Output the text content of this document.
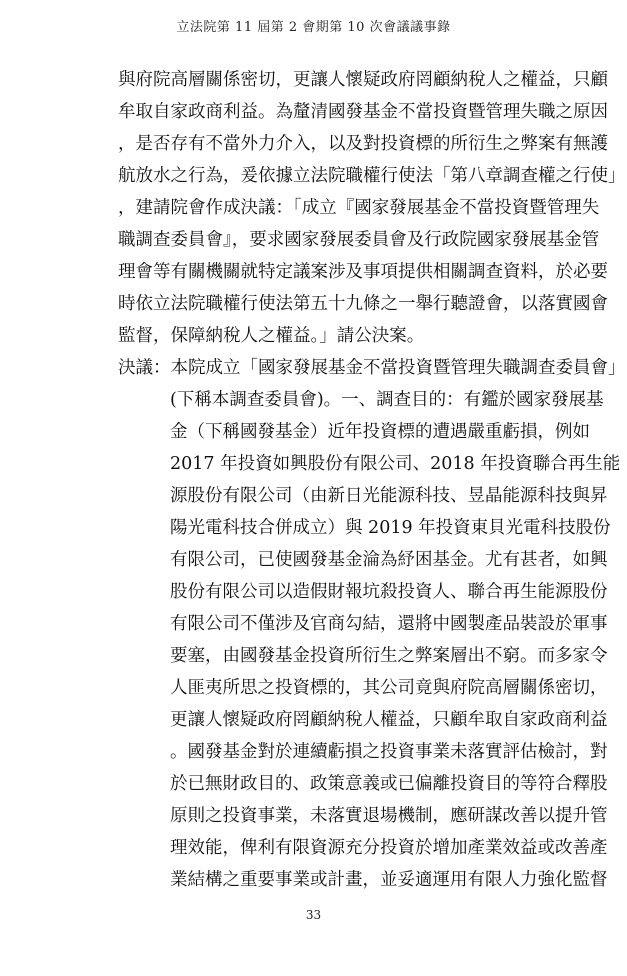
立法院第 11 屆第 2 會期第 10 次會議議事錄
與府院高層關係密切，更讓人懷疑政府罔顧納稅人之權益，只顧
牟取自家政商利益。為釐清國發基金不當投資暨管理失職之原因
，是否存有不當外力介入，以及對投資標的所衍生之弊案有無護
航放水之行為，爰依據立法院職權行使法「第八章調查權之行使」
，建請院會作成決議：「成立『國家發展基金不當投資暨管理失
職調查委員會』，要求國家發展委員會及行政院國家發展基金管
理會等有關機關就特定議案涉及事項提供相關調查資料，於必要
時依立法院職權行使法第五十九條之一舉行聽證會，以落實國會
監督，保障納稅人之權益。」請公決案。
決議：本院成立「國家發展基金不當投資暨管理失職調查委員會」
(下稱本調查委員會)。一、調查目的：有鑑於國家發展基
金（下稱國發基金）近年投資標的遭遇嚴重虧損，例如
2017 年投資如興股份有限公司、2018 年投資聯合再生能
源股份有限公司（由新日光能源科技、昱晶能源科技與昇
陽光電科技合併成立）與 2019 年投資東貝光電科技股份
有限公司，已使國發基金淪為紓困基金。尤有甚者，如興
股份有限公司以造假財報坑殺投資人、聯合再生能源股份
有限公司不僅涉及官商勾結，還將中國製產品裝設於軍事
要塞，由國發基金投資所衍生之弊案層出不窮。而多家令
人匪夷所思之投資標的，其公司竟與府院高層關係密切，
更讓人懷疑政府罔顧納稅人權益，只顧牟取自家政商利益
。國發基金對於連續虧損之投資事業未落實評估檢討，對
於已無財政目的、政策意義或已偏離投資目的等符合釋股
原則之投資事業，未落實退場機制，應研謀改善以提升管
理效能，俾利有限資源充分投資於增加產業效益或改善產
業結構之重要事業或計畫，並妥適運用有限人力強化監督
33
